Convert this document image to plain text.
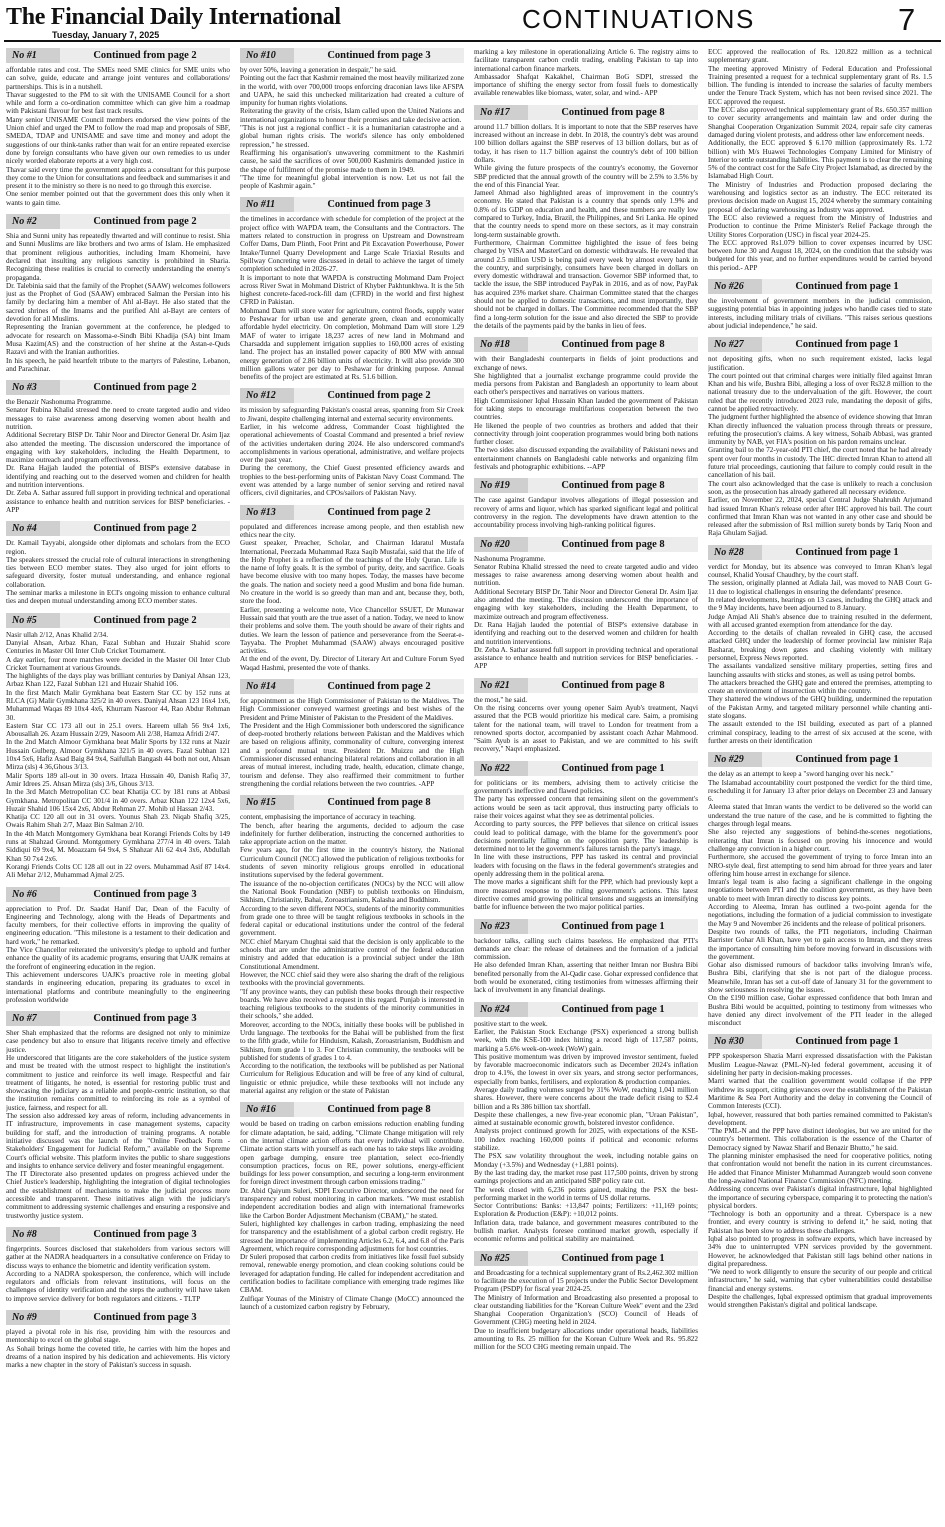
The Financial Daily International
Tuesday, January 7, 2025
CONTINUATIONS	7
No #1	Continued from page 2

affordable rates and cost. The SMEs need SME clinics for SME units who can solve, guide, educate and arrange joint ventures and collaborations/ partnerships. This is in a nutshell.

Thavar suggested to the PM to sit with the UNISAME Council for a short while and form a co-ordination committee which can give him a roadmap with Pakistani flavour for best fast track results.

Many senior UNISAME Council members endorsed the view points of the Union chief and urged the PM to follow the road map and proposals of SBF, SMEDA, TDAP and UNISAME and save time and money and adopt the suggestions of our think-tanks rather than wait for an entire repeated exercise done by foreign consultants who have given our own remedies to us under nicely worded elaborate reports at a very high cost.

Thavar said every time the government appoints a consultant for this purpose they come to the Union for consultations and feedback and summarises it and present it to the ministry so there is no need to go through this exercise.

One senior member pointed out that the government does this only when it wants to gain time.

No #2	Continued from page 2

Shia and Sunni unity has repeatedly thwarted and will continue to resist. Shia and Sunni Muslims are like brothers and two arms of Islam. He emphasized that prominent religious authorities, including Imam Khomeini, have declared that insulting any religious sanctity is prohibited in Sharia. Recognizing these realities is crucial to correctly understanding the enemy's propaganda.

Dr. Talebinia said that the family of the Prophet (SAAW) welcomes followers just as the Prophet of God (SAAW) embraced Salman the Persian into his family by declaring him a member of Ahl al-Bayt. He also stated that the sacred shrines of the Imams and the purified Ahl al-Bayt are centers of devotion for all Muslims.

Representing the Iranian government at the conference, he pledged to advocate for research on Massoma-e-Sindh Bibi Khadija (SA) bint Imam Musa Kazim(AS) and the construction of her shrine at the Astan-e-Quds Razavi and with the Iranian authorities.

In his speech, he paid heartfelt tribute to the martyrs of Palestine, Lebanon, and Parachinar.

No #3	Continued from page 2

the Benazir Nashonuma Programme.

Senator Rubina Khalid stressed the need to create targeted audio and video messages to raise awareness among deserving women about health and nutrition.

Additional Secretary BISP Dr. Tahir Noor and Director General Dr. Asim Ijaz also attended the meeting. The discussion underscored the importance of engaging with key stakeholders, including the Health Department, to maximize outreach and program effectiveness.

Dr. Rana Hajjah lauded the potential of BISP's extensive database in identifying and reaching out to the deserved women and children for health and nutrition interventions.

Dr. Zeba A. Sathar assured full support in providing technical and operational assistance to enhance health and nutrition services for BISP beneficiaries. - APP

No #4	Continued from page 2

Dr. Kamail Tayyabi, alongside other diplomats and scholars from the ECO region.

The speakers stressed the crucial role of cultural interactions in strengthening ties between ECO member states. They also urged for joint efforts to safeguard diversity, foster mutual understanding, and enhance regional collaboration.

The seminar marks a milestone in ECI's ongoing mission to enhance cultural ties and deepen mutual understanding among ECO member states.

No #5	Continued from page 2

Nasir ullah 2/12, Anas Khalid 2/34.

Danyial Ahsan, Arbaz Khan, Fazal Subhan and Huzair Shahid score Centuries in Master Oil Inter Club Cricket Tournament.

A day earlier, four more matches were decided in the Master Oil Inter Club Cricket Tournament at various Grounds.

The highlights of the days play was brilliant centuries by Daniyal Ahsan 123, Arbaz Khan 122, Fazal Subhan 121 and Huzair Shahid 106.

In the first Match Malir Gymkhana beat Eastern Star CC by 152 runs at RLCA (G) Malir Gymkhana 325/2 in 40 overs. Daniyal Ahsan 123 16x4 1x6, Muhammad Waqas 89 10x4 4x6, Khurram Nasroor 44, Rao Abdur Rehman 30.

Eastern Star CC 173 all out in 25.1 overs. Hareem ullah 56 9x4 1x6, Abousallah 26. Azam Hussain 2/29, Nasoom Ali 2/38, Hamza Afridi 2/47.

In the 2nd Match Almoor Gymkhana beat Malir Sports by 132 runs at Nazir Hussain Gulberg. Almoor Gymkhana 321/5 in 40 overs. Fazal Subhan 121 10x4 5x6, Hafiz Asad Baig 84 9x4, Saifullah Bangash 44 both not out, Ahsan Mirza (sls) 4 36,Ghous 3/13.

Malir Sports 189 all-out in 30 overs. Irtaza Hussain 40, Danish Rafiq 37, Amir Idrees 25. Ahsan Mirza (sls) 3/6, Ghous 3/13.

In the 3rd Match Metropolitan CC beat Khatija CC by 181 runs at Abbasi Gymkhana. Metropolitan CC 301/4 in 40 overs. Arbaz Khan 122 12x4 5x6, Huzair Shahid 106 15x4 2x6, Abdur Rehman 27. Mohib ul Hassan 2/43.

Khatija CC 120 all out in 31 overs. Younus Shah 23. Niqab Shafiq 3/25, Owais Rahim Shah 2/7, Maaz Bin Salman 2/10.

In the 4th Match Montgomery Gymkhana beat Korangi Friends Colts by 149 runs at Shahzad Ground. Montgomery Gymkhana 277/4 in 40 overs. Talah Siddiqui 69 9x4, M. Moazzam 64 9x4, S Shahzar Ali 62 4x4 3x6, Abdullah Khan 50 7x4 2x6.

Korangi Friends Colts CC 128 all out in 22 overs. Muhammad Asif 87 14x4. Ali Mehar 2/12, Muhammad Ajmal 2/25.

No #6	Continued from page 3

appreciation to Prof. Dr. Saadat Hanif Dar, Dean of the Faculty of Engineering and Technology, along with the Heads of Departments and faculty members, for their collective efforts in improving the quality of engineering education. "This milestone is a testament to their dedication and hard work," he remarked.

The Vice Chancellor reiterated the university's pledge to uphold and further enhance the quality of its academic programs, ensuring that UAJK remains at the forefront of engineering education in the region.

This achievement underscores UAJK's proactive role in meeting global standards in engineering education, preparing its graduates to excel in international platforms and contribute meaningfully to the engineering profession worldwide

No #7	Continued from page 3

Sher Shah emphasized that the reforms are designed not only to minimize case pendency but also to ensure that litigants receive timely and effective justice.

He underscored that litigants are the core stakeholders of the justice system and must be treated with the utmost respect to highlight the institution's commitment to justice and reinforce its well image. Respectful and fair treatment of litigants, he noted, is essential for restoring public trust and showcasing the judiciary as a reliable and people-centric institution, so that the institution remains committed to reinforcing its role as a symbol of justice, fairness, and respect for all.

The session also addressed key areas of reform, including advancements in IT infrastructure, improvements in case management systems, capacity building for staff, and the introduction of training programs. A notable initiative discussed was the launch of the "Online Feedback Form - Stakeholders' Engagement for Judicial Reform," available on the Supreme Court's official website. This platform invites the public to share suggestions and insights to enhance service delivery and foster meaningful engagement.

The IT Directorate also presented updates on progress achieved under the Chief Justice's leadership, highlighting the integration of digital technologies and the establishment of mechanisms to make the judicial process more accessible and transparent. These initiatives align with the judiciary's commitment to addressing systemic challenges and ensuring a responsive and trustworthy justice system.

No #8	Continued from page 3

fingerprints. Sources disclosed that stakeholders from various sectors will gather at the NADRA headquarters in a consultative conference on Friday to discuss ways to enhance the biometric and identity verification system.

According to a NADRA spokesperson, the conference, which will include regulators and officials from relevant institutions, will focus on the challenges of identity verification and the steps the authority will have taken to improve service delivery for both regulators and citizens. - TLTP

No #9	Continued from page 3

played a pivotal role in his rise, providing him with the resources and mentorship to excel on the global stage.

As Sohail brings home the coveted title, he carries with him the hopes and dreams of a nation inspired by his dedication and achievements. His victory marks a new chapter in the story of Pakistan's success in squash.

No #10	Continued from page 3

by over 50%, leaving a generation in despair," he said.

Pointing out the fact that Kashmir remained the most heavily militarized zone in the world, with over 700,000 troops enforcing draconian laws like AFSPA and UAPA, he said this unchecked militarization had created a culture of impunity for human rights violations.

Reiterating the gravity of the crisis, Islam called upon the United Nations and international organizations to honour their promises and take decisive action.

"This is not just a regional conflict - it is a humanitarian catastrophe and a global human rights crisis. The world's silence has only emboldened repression," he stressed.

Reaffirming his organisation's unwavering commitment to the Kashmiri cause, he said the sacrifices of over 500,000 Kashmiris demanded justice in the shape of fulfilment of the promise made to them in 1949.

"The time for meaningful global intervention is now. Let us not fail the people of Kashmir again."

No #11	Continued from page 3

the timelines in accordance with schedule for completion of the project at the project office with WAPDA team, the Consultants and the Contractors. The matters related to construction in progress on Upstream and Downstream Coffer Dams, Dam Plinth, Foot Print and Pit Excavation Powerhouse, Power Intake/Tunnel Quarry Development and Large Scale Triaxial Results and Spillway Concreting were discussed in detail to achieve the target of timely completion scheduled in 2026-27.

It is important to note that WAPDA is constructing Mohmand Dam Project across River Swat in Mohmand District of Khyber Pakhtunkhwa. It is the 5th highest concrete-faced-rock-fill dam (CFRD) in the world and first highest CFRD in Pakistan.

Mohmand Dam will store water for agriculture, control floods, supply water to Peshawar for urban use and generate green, clean and economically affordable hydel electricity. On completion, Mohmand Dam will store 1.29 MAF of water to irrigate 18,237 acres of new land in Mohmand and Charsadda and supplement irrigation supplies to 160,000 acres of existing land. The project has an installed power capacity of 800 MW with annual energy generation of 2.86 billion units of electricity. It will also provide 300 million gallons water per day to Peshawar for drinking purpose. Annual benefits of the project are estimated at Rs. 51.6 billion.

No #12	Continued from page 2

its mission by safeguarding Pakistan's coastal areas, spanning from Sir Creek to Jiwani, despite challenging internal and external security environments.

Earlier, in his welcome address, Commander Coast highlighted the operational achievements of Coastal Command and presented a brief review of the activities undertaken during 2024. He also underscored command's accomplishments in various operational, administrative, and welfare projects over the past year.

During the ceremony, the Chief Guest presented efficiency awards and trophies to the best-performing units of Pakistan Navy Coast Command. The event was attended by a large number of senior serving and retired naval officers, civil dignitaries, and CPOs/sailors of Pakistan Navy.

No #13	Continued from page 2

populated and differences increase among people, and then establish new ethics near the city.

Guest speaker, Preacher, Scholar, and Chairman Idaratul Mustafa International, Peerzada Muhammad Raza Saqib Mustafai, said that the life of the Holy Prophet is a reflection of the teachings of the Holy Quran. Life is the name of lofty goals. It is the symbol of purity, deity, and sacrifice. Goals have become elusive with too many hopes. Today, the masses have become the goals. The nation and society need a good Muslim and bona fide human. No creature in the world is so greedy than man and ant, because they, both, store the food.

Earlier, presenting a welcome note, Vice Chancellor SSUET, Dr Munawar Hussain said that youth are the true asset of a nation. Today, we need to know their problems and solve them. The youth should be aware of their rights and duties. We learn the lesson of patience and perseverance from the Seerat-e-Tayyaba. The Prophet Muhammad (SAAW) always encouraged positive activities.

At the end of the event, Dy. Director of Literary Art and Culture Forum Syed Waqad Hashmi, presented the vote of thanks.

No #14	Continued from page 2

for appointment as the High Commissioner of Pakistan to the Maldives. The High Commissioner conveyed warmest greetings and best wishes of the President and Prime Minister of Pakistan to the President of the Maldives.

The President and the High Commissioner both underscored the significance of deep-rooted brotherly relations between Pakistan and the Maldives which are based on religious affinity, commonality of culture, converging interest and a profound mutual trust. President Dr. Muizzu and the High Commissioner discussed enhancing bilateral relations and collaboration in all areas of mutual interest, including trade, health, education, climate change, tourism and defense. They also reaffirmed their commitment to further strengthening the cordial relations between the two countries. -APP

No #15	Continued from page 8

content, emphasising the importance of accuracy in teaching.

The bench, after hearing the arguments, decided to adjourn the case indefinitely for further deliberation, instructing the concerned authorities to take appropriate action on the matter.

Few years ago, for the first time in the country's history, the National Curriculum Council (NCC) allowed the publication of religious textbooks for students of seven minority religious groups enrolled in educational institutions supervised by the federal government.

The issuance of the no-objection certificates (NOCs) by the NCC will allow the National Book Foundation (NBF) to publish textbooks on Hinduism, Sikhism, Christianity, Bahai, Zoroastrianism, Kalasha and Buddhism.

According to the seven different NOCs, students of the minority communities from grade one to three will be taught religious textbooks in schools in the federal capital or educational institutions under the control of the federal government.

NCC chief Maryam Chughtai said that the decision is only applicable to the schools that are under the administrative control of the federal education ministry and added that education is a provincial subject under the 18th Constitutional Amendment.

However, the NCC chief said they were also sharing the draft of the religious textbooks with the provincial governments.

"If any province wants, they can publish these books through their respective boards. We have also received a request in this regard. Punjab is interested in teaching religious textbooks to the students of the minority communities in their schools," she added.

Moreover, according to the NOCs, initially these books will be published in Urdu language. The textbooks for the Bahai will be published from the first to the fifth grade, while for Hinduism, Kalash, Zoroastrianism, Buddhism and Sikhism, from grade 1 to 3. For Christian community, the textbooks will be published for students of grades 1 to 4.

According to the notification, the textbooks will be published as per National Curriculum for Religious Education and will be free of any kind of cultural, linguistic or ethnic prejudice, while these textbooks will not include any material against any religion or the state of Pakistan

No #16	Continued from page 8

would be based on trading on carbon emissions reduction enabling funding for climate adaptation, he said, adding, "Climate Change mitigation will rely on the internal climate action efforts that every individual will contribute. Climate action starts with yourself as each one has to take steps like avoiding open garbage dumping, ensure tree plantation, select eco-friendly consumption practices, focus on RE, power solutions, energy-efficient buildings for less power consumption, and securing a long-term environment for foreign direct investment through carbon emissions trading."

Dr. Abid Qaiyum Suleri, SDPI Executive Director, underscored the need for transparency and robust monitoring in carbon markets. "We must establish independent accreditation bodies and align with international frameworks like the Carbon Border Adjustment Mechanism (CBAM)," he stated.

Suleri, highlighted key challenges in carbon trading, emphasizing the need for transparency and the establishment of a global carbon credit registry. He stressed the importance of implementing Articles 6.2, 6.4, and 6.8 of the Paris Agreement, which require corresponding adjustments for host countries.

Dr Suleri proposed that carbon credits from initiatives like fossil fuel subsidy removal, renewable energy promotion, and clean cooking solutions could be leveraged for adaptation funding. He called for independent accreditation and certification bodies to facilitate compliance with emerging trade regimes like CBAM.

Zulfiqar Younas of the Ministry of Climate Change (MoCC) announced the launch of a customized carbon registry by February,

marking a key milestone in operationalizing Article 6. The registry aims to facilitate transparent carbon credit trading, enabling Pakistan to tap into international carbon finance markets.

Ambassador Shafqat Kakakhel, Chairman BoG SDPI, stressed the importance of shifting the energy sector from fossil fuels to domestically available renewables like biomass, water, solar, and wind.- APP

No #17	Continued from page 8

around 11.7 billion dollars. It is important to note that the SBP reserves have increased without an increase in debt. In 2018, the country's debt was around 100 billion dollars against the SBP reserves of 13 billion dollars, but as of today, it has risen to 11.7 billion against the country's debt of 100 billion dollars.

While giving the future prospects of the country's economy, the Governor SBP predicted that the annual growth of the country will be 2.5% to 3.5% by the end of this Financial Year.

Jameel Ahmad also highlighted areas of improvement in the country's economy. He stated that Pakistan is a country that spends only 1.9% and 0.8% of its GDP on education and health, and these numbers are really low compared to Turkey, India, Brazil, the Philippines, and Sri Lanka. He opined that the country needs to spend more on these sectors, as it may constrain long-term sustainable growth.

Furthermore, Chairman Committee highlighted the issue of fees being charged by VISA and MasterCard on domestic withdrawals. He revealed that around 2.5 million USD is being paid every week by almost every bank in the country, and surprisingly, consumers have been charged in dollars on every domestic withdrawal and transaction. Governor SBP informed that, to tackle the issue, the SBP introduced PayPak in 2016, and as of now, PayPak has acquired 23% market share. Chairman Committee stated that the charges should not be applied to domestic transactions, and most importantly, they should not be charged in dollars. The Committee recommended that the SBP find a long-term solution for the issue and also directed the SBP to provide the details of the payments paid by the banks in lieu of fees.

No #18	Continued from page 8

with their Bangladeshi counterparts in fields of joint productions and exchange of news.

She highlighted that a journalist exchange programme could provide the media persons from Pakistan and Bangladesh an opportunity to learn about each other's perspectives and narratives on various matters.

High Commissioner Iqbal Hussain Khan lauded the government of Pakistan for taking steps to encourage multifarious cooperation between the two countries.

He likened the people of two countries as brothers and added that their connectivity through joint cooperation programmes would bring both nations further closer.

The two sides also discussed expanding the availability of Pakistani news and entertainment channels on Bangladeshi cable networks and organizing film festivals and photographic exhibitions. --APP

No #19	Continued from page 8

The case against Gandapur involves allegations of illegal possession and recovery of arms and liquor, which has sparked significant legal and political controversy in the region. The developments have drawn attention to the accountability process involving high-ranking political figures.

No #20	Continued from page 8

Nashonuma Programme.

Senator Rubina Khalid stressed the need to create targeted audio and video messages to raise awareness among deserving women about health and nutrition.

Additional Secretary BISP Dr. Tahir Noor and Director General Dr. Asim Ijaz also attended the meeting. The discussion underscored the importance of engaging with key stakeholders, including the Health Department, to maximize outreach and program effectiveness.

Dr. Rana Hajjah lauded the potential of BISP's extensive database in identifying and reaching out to the deserved women and children for health and nutrition interventions.

Dr. Zeba A. Sathar assured full support in providing technical and operational assistance to enhance health and nutrition services for BISP beneficiaries. - APP

No #21	Continued from page 8

the most," he said.

On the rising concerns over young opener Saim Ayub's treatment, Naqvi assured that the PCB would prioritize his medical care. Saim, a promising talent for the national team, will travel to London for treatment from a renowned sports doctor, accompanied by assistant coach Azhar Mahmood. "Saim Ayub is an asset to Pakistan, and we are committed to his swift recovery," Naqvi emphasized.

No #22	Continued from page 1

for politicians or its members, advising them to actively criticise the government's ineffective and flawed policies.

The party has expressed concern that remaining silent on the government's actions would be seen as tacit approval, thus instructing party officials to raise their voices against what they see as detrimental policies.

According to party sources, the PPP believes that silence on critical issues could lead to political damage, with the blame for the government's poor decisions potentially falling on the opposition party. The leadership is determined not to let the government's failures tarnish the party's image.

In line with these instructions, PPP has tasked its central and provincial leaders with focusing on the flaws in the federal government's strategies and openly addressing them in the political arena.

The move marks a significant shift for the PPP, which had previously kept a more measured response to the ruling government's actions. This latest directive comes amid growing political tensions and suggests an intensifying battle for influence between the two major political parties.

No #23	Continued from page 1

backdoor talks, calling such claims baseless. He emphasized that PTI's demands are clear: the release of detainees and the formation of a judicial commission.

He also defended Imran Khan, asserting that neither Imran nor Bushra Bibi benefited personally from the Al-Qadir case. Gohar expressed confidence that both would be exonerated, citing testimonies from witnesses affirming their lack of involvement in any financial dealings.

No #24	Continued from page 1

positive start to the week.

Earlier, the Pakistan Stock Exchange (PSX) experienced a strong bullish week, with the KSE-100 index hitting a record high of 117,587 points, marking a 5.6% week-on-week (WoW) gain.

This positive momentum was driven by improved investor sentiment, fueled by favorable macroeconomic indicators such as December 2024's inflation drop to 4.1%, the lowest in over six years, and strong sector performances, especially from banks, fertilisers, and exploration & production companies.

Average daily trading volumes surged by 31% WoW, reaching 1,041 million shares. However, there were concerns about the trade deficit rising to $2.4 billion and a Rs 386 billion tax shortfall.

Despite these challenges, a new five-year economic plan, "Uraan Pakistan", aimed at sustainable economic growth, bolstered investor confidence.

Analysts project continued growth for 2025, with expectations of the KSE-100 index reaching 160,000 points if political and economic reforms stabilize.

The PSX saw volatility throughout the week, including notable gains on Monday (+3.5%) and Wednesday (+1,881 points).

By the last trading day, the market rose past 117,500 points, driven by strong earnings projections and an anticipated SBP policy rate cut.

The week closed with 6,236 points gained, making the PSX the best-performing market in the world in terms of US dollar returns.

Sector Contributions: Banks: +13,847 points; Fertilizers: +11,169 points; Exploration & Production (E&P): +10,012 points.

Inflation data, trade balance, and government measures contributed to the bullish market. Analysts foresee continued market growth, especially if economic reforms and political stability are maintained.

No #25	Continued from page 1

and Broadcasting for a technical supplementary grant of Rs.2,462.302 million to facilitate the execution of 15 projects under the Public Sector Development Program (PSDP) for fiscal year 2024-25.

The Ministry of Information and Broadcasting also presented a proposal to clear outstanding liabilities for the "Korean Culture Week" event and the 23rd Shanghai Cooperation Organization's (SCO) Council of Heads of Government (CHG) meeting held in 2024.

Due to insufficient budgetary allocations under operational heads, liabilities amounting to Rs. 25 million for the Korean Culture Week and Rs. 95.822 million for the SCO CHG meeting remain unpaid. The

ECC approved the reallocation of Rs. 120.822 million as a technical supplementary grant.

The meeting approved Ministry of Federal Education and Professional Training presented a request for a technical supplementary grant of Rs. 1.5 billion. The funding is intended to increase the salaries of faculty members under the Tenure Track System, which has not been revised since 2021. The ECC approved the request.

The ECC also approved technical supplementary grant of Rs. 650.357 million to cover security arrangements and maintain law and order during the Shanghai Cooperation Organization Summit 2024, repair safe city cameras damaged during violent protests, and address other law enforcement needs.

Additionally, the ECC approved $ 6.170 million (approximately Rs. 1.72 billion) with M/s Huawei Technologies Company Limited for Ministry of Interior to settle outstanding liabilities. This payment is to clear the remaining 5% of the contract cost for the Safe City Project Islamabad, as directed by the Islamabad High Court.

The Ministry of Industries and Production proposed declaring the warehousing and logistics sector as an industry. The ECC reiterated its previous decision made on August 15, 2024 whereby the summary containing proposal of declaring warehousing as Industry was approved.

The ECC also reviewed a request from the Ministry of Industries and Production to continue the Prime Minister's Relief Package through the Utility Stores Corporation (USC) in fiscal year 2024-25.

The ECC approved Rs1.079 billion to cover expenses incurred by USC between June 30 and August 18, 2024, on the condition that the subsidy was budgeted for this year, and no further expenditures would be carried beyond this period.- APP

No #26	Continued from page 1

the involvement of government members in the judicial commission, suggesting potential bias in appointing judges who handle cases tied to state interests, including military trials of civilians. "This raises serious questions about judicial independence," he said.

No #27	Continued from page 1

not depositing gifts, when no such requirement existed, lacks legal justification.

The court pointed out that criminal charges were initially filed against Imran Khan and his wife, Bushra Bibi, alleging a loss of over Rs32.8 million to the national treasury due to the undervaluation of the gift. However, the court ruled that the recently introduced 2023 rule, mandating the deposit of gifts, cannot be applied retroactively.

The judgment further highlighted the absence of evidence showing that Imran Khan directly influenced the valuation process through threats or pressure, refuting the prosecution's claims. A key witness, Sohaib Abbasi, was granted immunity by NAB, yet FIA's position on his pardon remains unclear.

Granting bail to the 72-year-old PTI chief, the court noted that he had already spent over four months in custody. The IHC directed Imran Khan to attend all future trial proceedings, cautioning that failure to comply could result in the cancellation of his bail.

The court also acknowledged that the case is unlikely to reach a conclusion soon, as the prosecution has already gathered all necessary evidence.

Earlier, on November 22, 2024, special Central Judge Shahrukh Arjumand had issued Imran Khan's release order after IHC approved his bail. The court confirmed that Imran Khan was not wanted in any other case and should be released after the submission of Rs1 million surety bonds by Tariq Noon and Raja Ghulam Sajjad.

No #28	Continued from page 1

verdict for Monday, but its absence was conveyed to Imran Khan's legal counsel, Khalid Yousaf Chaudhry, by the court staff.

The session, originally planned at Adiala Jail, was moved to NAB Court G-11 due to logistical challenges in ensuring the defendants' presence.

In related developments, hearings on 13 cases, including the GHQ attack and the 9 May incidents, have been adjourned to 8 January.

Judge Amjad Ali Shah's absence due to training resulted in the deferment, with all accused granted exemption from attendance for the day.

According to the details of challan revealed in GHQ case, the accused attacked GHQ under the leadership of former provincial law minister Raja Basharat, breaking down gates and clashing violently with military personnel, Express News reported.

The assailants vandalized sensitive military properties, setting fires and launching assaults with sticks and stones, as well as using petrol bombs.

The attackers breached the GHQ gate and entered the premises, attempting to create an environment of insurrection within the country.

They shattered the windows of the GHQ building, undermined the reputation of the Pakistan Army, and targeted military personnel while chanting anti-state slogans.

The assault extended to the ISI building, executed as part of a planned criminal conspiracy, leading to the arrest of six accused at the scene, with further arrests on their identification

No #29	Continued from page 1

the delay as an attempt to keep a "sword hanging over his neck."

The Islamabad accountability court postponed the verdict for the third time, rescheduling it for January 13 after prior delays on December 23 and January 6.

Aleema stated that Imran wants the verdict to be delivered so the world can understand the true nature of the case, and he is committed to fighting the charges through legal means.

She also rejected any suggestions of behind-the-scenes negotiations, reiterating that Imran is focused on proving his innocence and would challenge any conviction in a higher court.

Furthermore, she accused the government of trying to force Imran into an NRO-style deal, first attempting to send him abroad for three years and later offering him house arrest in exchange for silence.

Imran's legal team is also facing a significant challenge in the ongoing negotiations between PTI and the coalition government, as they have been unable to meet with Imran directly to discuss key points.

According to Aleema, Imran has outlined a two-point agenda for the negotiations, including the formation of a judicial commission to investigate the May 9 and November 26 incidents and the release of political prisoners.

Despite two rounds of talks, the PTI negotiators, including Chairman Barrister Gohar Ali Khan, have yet to gain access to Imran, and they stress the importance of consulting him before moving forward in discussions with the government.

Gohar also dismissed rumours of backdoor talks involving Imran's wife, Bushra Bibi, clarifying that she is not part of the dialogue process. Meanwhile, Imran has set a cut-off date of January 31 for the government to show seriousness in resolving the issues.

On the £190 million case, Gohar expressed confidence that both Imran and Bushra Bibi would be acquitted, pointing to testimony from witnesses who have denied any direct involvement of the PTI leader in the alleged misconduct

No #30	Continued from page 1

PPP spokesperson Shazia Marri expressed dissatisfaction with the Pakistan Muslim League-Nawaz (PML-N)-led federal government, accusing it of sidelining her party in decision-making processes.

Marri warned that the coalition government would collapse if the PPP withdrew its support, citing grievances over the establishment of the Pakistan Maritime & Sea Port Authority and the delay in convening the Council of Common Interests (CCI).

Iqbal, however, reassured that both parties remained committed to Pakistan's development.

"The PML-N and the PPP have distinct ideologies, but we are united for the country's betterment. This collaboration is the essence of the Charter of Democracy signed by Nawaz Sharif and Benazir Bhutto," he said.

The planning minister emphasised the need for cooperative politics, noting that confrontation would not benefit the nation in its current circumstances. He added that Finance Minister Muhammad Aurangzeb would soon convene the long-awaited National Finance Commission (NFC) meeting.

Addressing concerns over Pakistan's digital infrastructure, Iqbal highlighted the importance of securing cyberspace, comparing it to protecting the nation's physical borders.

"Technology is both an opportunity and a threat. Cyberspace is a new frontier, and every country is striving to defend it," he said, noting that Pakistan has been slow to address these challenges.

Iqbal also pointed to progress in software exports, which have increased by 34% due to uninterrupted VPN services provided by the government. However, he acknowledged that Pakistan still lags behind other nations in digital preparedness.

"We need to work diligently to ensure the security of our people and critical infrastructure," he said, warning that cyber vulnerabilities could destabilise financial and energy systems.

Despite the challenges, Iqbal expressed optimism that gradual improvements would strengthen Pakistan's digital and political landscape.
